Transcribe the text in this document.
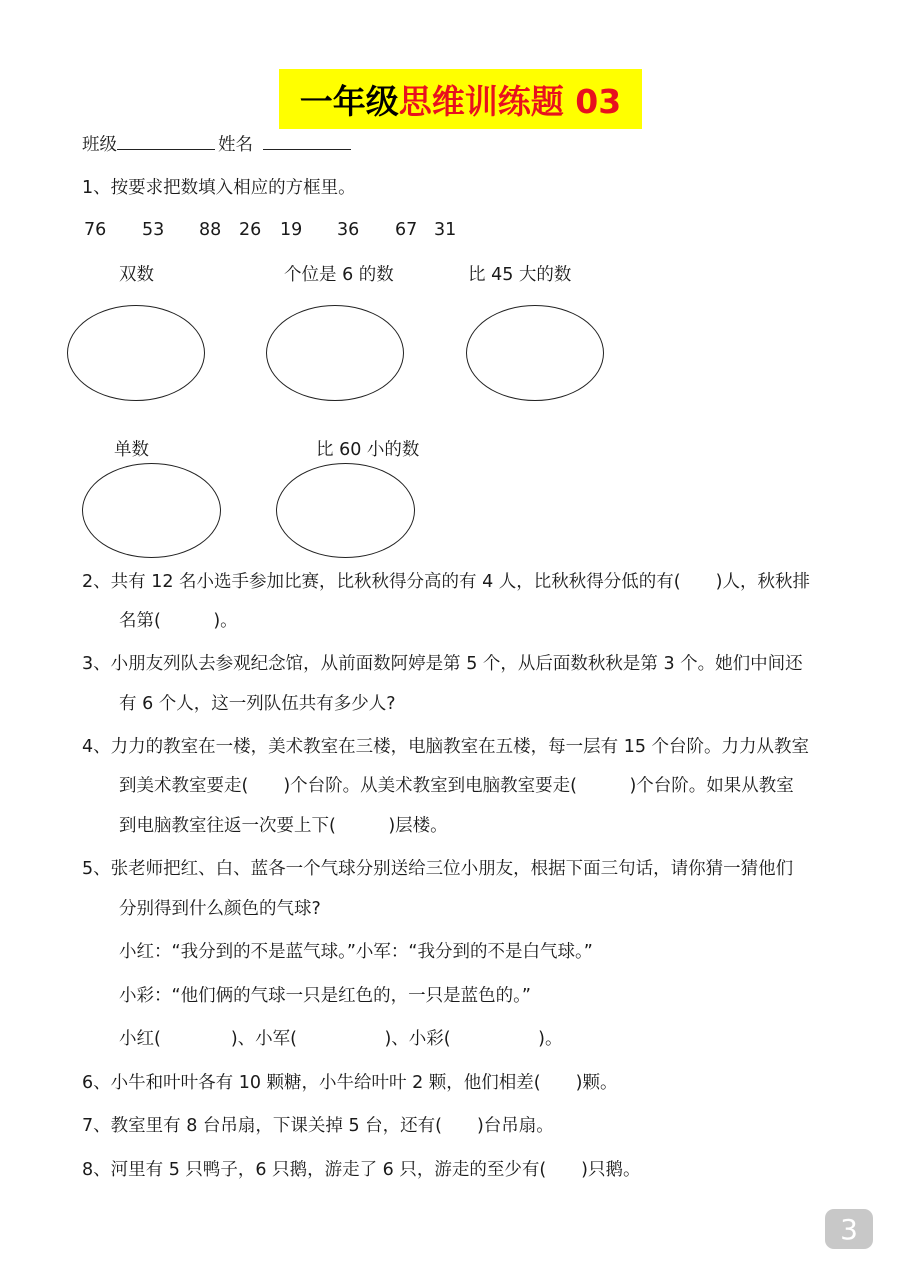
一年级 思维训练题 03
班级	姓名
1、按要求把数填入相应的方框里。
76 53 88 26 19 36 67 31
双数	个位是 6 的数	比 45 大的数
单数	比 60 小的数
2、共有 12 名小选手参加比赛，比秋秋得分高的有 4 人，比秋秋得分低的有(　　)人，秋秋排
名第(　　　)。
3、小朋友列队去参观纪念馆，从前面数阿婷是第 5 个，从后面数秋秋是第 3 个。她们中间还
有 6 个人，这一列队伍共有多少人?
4、力力的教室在一楼，美术教室在三楼，电脑教室在五楼，每一层有 15 个台阶。力力从教室
到美术教室要走(　　)个台阶。从美术教室到电脑教室要走(　　　)个台阶。如果从教室
到电脑教室往返一次要上下(　　　)层楼。
5、张老师把红、白、蓝各一个气球分别送给三位小朋友，根据下面三句话，请你猜一猜他们
分别得到什么颜色的气球?
小红：“我分到的不是蓝气球。”小军：“我分到的不是白气球。”
小彩：“他们俩的气球一只是红色的，一只是蓝色的。”
小红(　　　　)、小军(　　　　　)、小彩(　　　　　)。
6、小牛和叶叶各有 10 颗糖，小牛给叶叶 2 颗，他们相差(　　)颗。
7、教室里有 8 台吊扇，下课关掉 5 台，还有(　　)台吊扇。
8、河里有 5 只鸭子，6 只鹅，游走了 6 只，游走的至少有(　　)只鹅。
3
